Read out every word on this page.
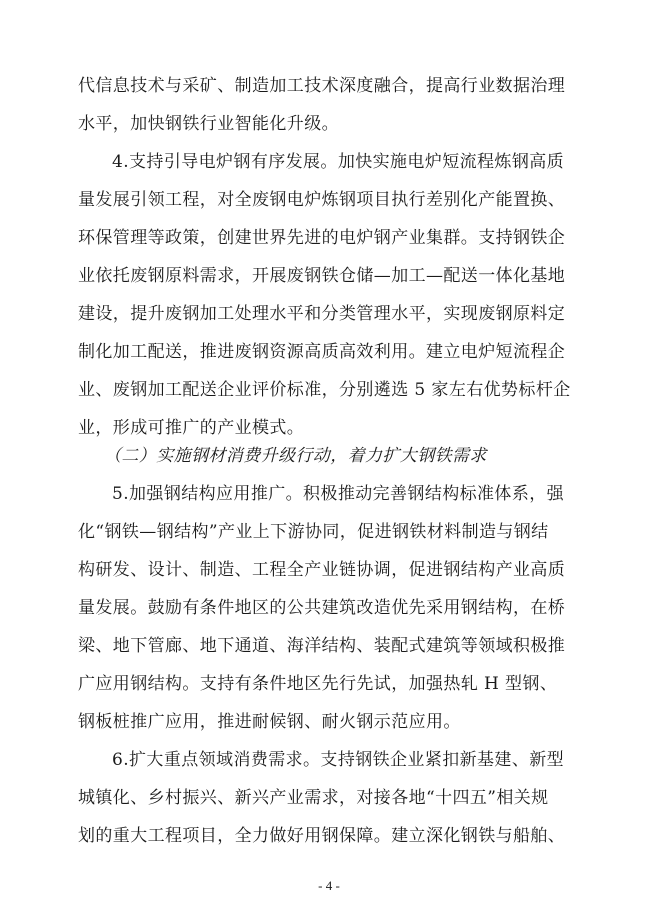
代信息技术与采矿、制造加工技术深度融合，提高行业数据治理
水平，加快钢铁行业智能化升级。
4.支持引导电炉钢有序发展。加快实施电炉短流程炼钢高质
量发展引领工程，对全废钢电炉炼钢项目执行差别化产能置换、
环保管理等政策，创建世界先进的电炉钢产业集群。支持钢铁企
业依托废钢原料需求，开展废钢铁仓储—加工—配送一体化基地
建设，提升废钢加工处理水平和分类管理水平，实现废钢原料定
制化加工配送，推进废钢资源高质高效利用。建立电炉短流程企
业、废钢加工配送企业评价标准，分别遴选 5 家左右优势标杆企
业，形成可推广的产业模式。
（二）实施钢材消费升级行动，着力扩大钢铁需求
5.加强钢结构应用推广。积极推动完善钢结构标准体系，强
化“钢铁—钢结构”产业上下游协同，促进钢铁材料制造与钢结
构研发、设计、制造、工程全产业链协调，促进钢结构产业高质
量发展。鼓励有条件地区的公共建筑改造优先采用钢结构，在桥
梁、地下管廊、地下通道、海洋结构、装配式建筑等领域积极推
广应用钢结构。支持有条件地区先行先试，加强热轧 H 型钢、
钢板桩推广应用，推进耐候钢、耐火钢示范应用。
6.扩大重点领域消费需求。支持钢铁企业紧扣新基建、新型
城镇化、乡村振兴、新兴产业需求，对接各地“十四五”相关规
划的重大工程项目，全力做好用钢保障。建立深化钢铁与船舶、
- 4 -
